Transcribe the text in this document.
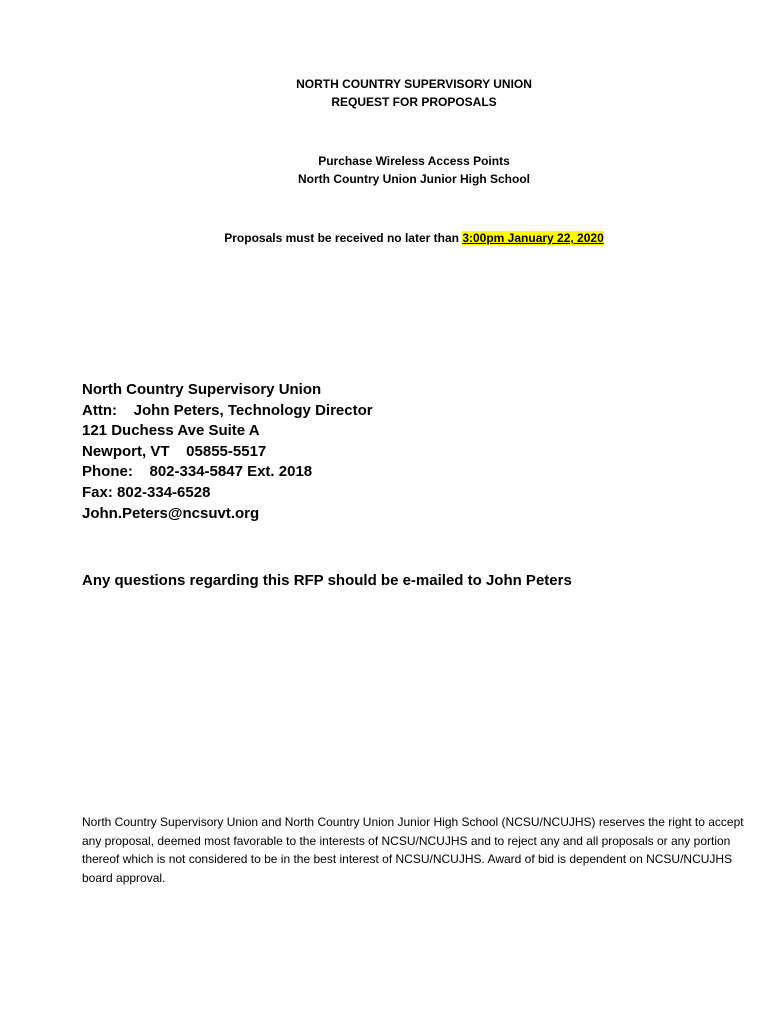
NORTH COUNTRY SUPERVISORY UNION
REQUEST FOR PROPOSALS
Purchase Wireless Access Points
North Country Union Junior High School
Proposals must be received no later than 3:00pm January 22, 2020
North Country Supervisory Union
Attn:    John Peters, Technology Director
121 Duchess Ave Suite A
Newport, VT    05855-5517
Phone:    802-334-5847 Ext. 2018
Fax: 802-334-6528
John.Peters@ncsuvt.org
Any questions regarding this RFP should be e-mailed to John Peters
North Country Supervisory Union and North Country Union Junior High School (NCSU/NCUJHS) reserves the right to accept any proposal, deemed most favorable to the interests of NCSU/NCUJHS and to reject any and all proposals or any portion thereof which is not considered to be in the best interest of NCSU/NCUJHS. Award of bid is dependent on NCSU/NCUJHS board approval.
